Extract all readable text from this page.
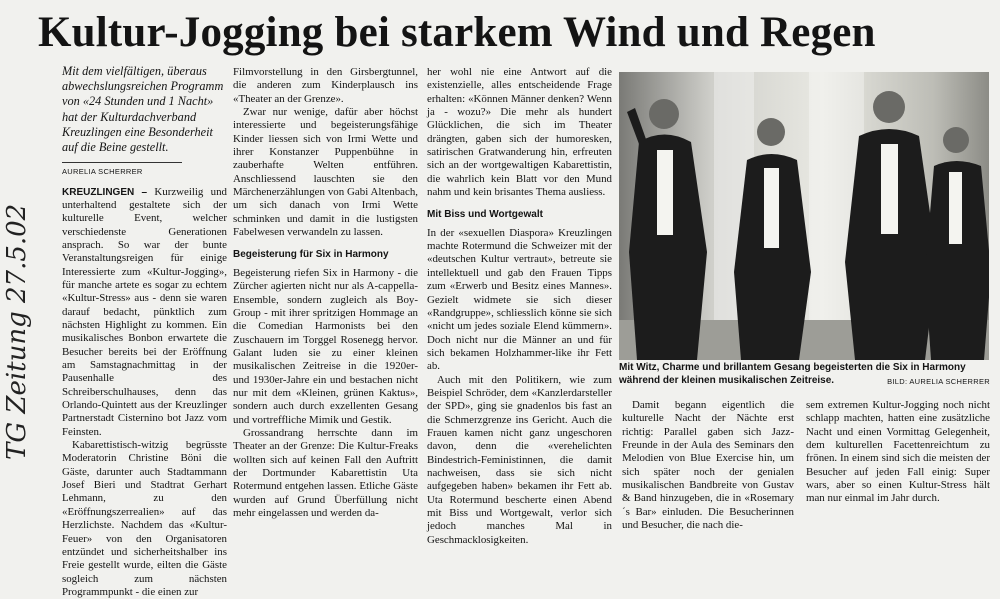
Kultur-Jogging bei starkem Wind und Regen
TG Zeitung 27.5.02
Mit dem vielfältigen, überaus abwechslungsreichen Programm von «24 Stunden und 1 Nacht» hat der Kulturdachverband Kreuzlingen eine Besonderheit auf die Beine gestellt.
AURELIA SCHERRER

KREUZLINGEN – Kurzweilig und unterhaltend gestaltete sich der kulturelle Event, welcher verschiedenste Generationen ansprach. So war der bunte Veranstaltungsreigen für einige Interessierte zum «Kultur-Jogging», für manche artete es sogar zu echtem «Kultur-Stress» aus - denn sie waren darauf bedacht, pünktlich zum nächsten Highlight zu kommen. Ein musikalisches Bonbon erwartete die Besucher bereits bei der Eröffnung am Samstagnachmittag in der Pausenhalle des Schreiberschulhauses, denn das Orlando-Quintett aus der Kreuzlinger Partnerstadt Cisternino bot Jazz vom Feinsten.

Kabarettistisch-witzig begrüsste Moderatorin Christine Böni die Gäste, darunter auch Stadtammann Josef Bieri und Stadtrat Gerhart Lehmann, zu den «Eröffnungszerrealien» auf das Herzlichste. Nachdem das «Kultur-Feuer» von den Organisatoren entzündet und sicherheitshalber ins Freie gestellt wurde, eilten die Gäste sogleich zum nächsten Programmpunkt - die einen zur

Filmvorstellung in den Girsbergtunnel, die anderen zum Kinderplausch ins «Theater an der Grenze».

Zwar nur wenige, dafür aber höchst interessierte und begeisterungsfähige Kinder liessen sich von Irmi Wette und ihrer Konstanzer Puppenbühne in zauberhafte Welten entführen. Anschliessend lauschten sie den Märchenerzählungen von Gabi Altenbach, um sich danach von Irmi Wette schminken und damit in die lustigsten Fabelwesen verwandeln zu lassen.

Begeisterung für Six in Harmony

Begeisterung riefen Six in Harmony - die Zürcher agierten nicht nur als A-cappella-Ensemble, sondern zugleich als Boy-Group - mit ihrer spritzigen Hommage an die Comedian Harmonists bei den Zuschauern im Torggel Rosenegg hervor. Galant luden sie zu einer kleinen musikalischen Zeitreise in die 1920er- und 1930er-Jahre ein und bestachen nicht nur mit dem «Kleinen, grünen Kaktus», sondern auch durch exzellenten Gesang und vortreffliche Mimik und Gestik.

Grossandrang herrschte dann im Theater an der Grenze: Die Kultur-Freaks wollten sich auf keinen Fall den Auftritt der Dortmunder Kabarettistin Uta Rotermund entgehen lassen. Etliche Gäste wurden auf Grund Überfüllung nicht mehr eingelassen und werden da-

her wohl nie eine Antwort auf die existenzielle, alles entscheidende Frage erhalten: «Können Männer denken? Wenn ja - wozu?» Die mehr als hundert Glücklichen, die sich im Theater drängten, gaben sich der humoresken, satirischen Gratwanderung hin, erfreuten sich an der wortgewaltigen Kabarettistin, die wahrlich kein Blatt vor den Mund nahm und kein brisantes Thema ausliess.

Mit Biss und Wortgewalt

In der «sexuellen Diaspora» Kreuzlingen machte Rotermund die Schweizer mit der «deutschen Kultur vertraut», betreute sie intellektuell und gab den Frauen Tipps zum «Erwerb und Besitz eines Mannes». Gezielt widmete sie sich dieser «Randgruppe», schliesslich könne sie sich «nicht um jedes soziale Elend kümmern». Doch nicht nur die Männer an und für sich bekamen Holzhammer-like ihr Fett ab.

Auch mit den Politikern, wie zum Beispiel Schröder, dem «Kanzlerdarsteller der SPD», ging sie gnadenlos bis fast an die Schmerzgrenze ins Gericht. Auch die Frauen kamen nicht ganz ungeschoren davon, denn die «verehelichten Bindestrich-Feministinnen, die damit nachweisen, dass sie sich nicht aufgegeben haben» bekamen ihr Fett ab. Uta Rotermund bescherte einen Abend mit Biss und Wortgewalt, verlor sich jedoch manches Mal in Geschmacklosigkeiten.

Mit Witz, Charme und brillantem Gesang begeisterten die Six in Harmony während der kleinen musikalischen Zeitreise.	BILD: AURELIA SCHERRER

Damit begann eigentlich die kulturelle Nacht der Nächte erst richtig: Parallel gaben sich Jazz-Freunde in der Aula des Seminars den Melodien von Blue Exercise hin, um sich später noch der genialen musikalischen Bandbreite von Gustav & Band hinzugeben, die in «Rosemary´s Bar» einluden. Die Besucherinnen und Besucher, die nach die-

sem extremen Kultur-Jogging noch nicht schlapp machten, hatten eine zusätzliche Nacht und einen Vormittag Gelegenheit, dem kulturellen Facettenreichtum zu frönen. In einem sind sich die meisten der Besucher auf jeden Fall einig: Super wars, aber so einen Kultur-Stress hält man nur einmal im Jahr durch.
